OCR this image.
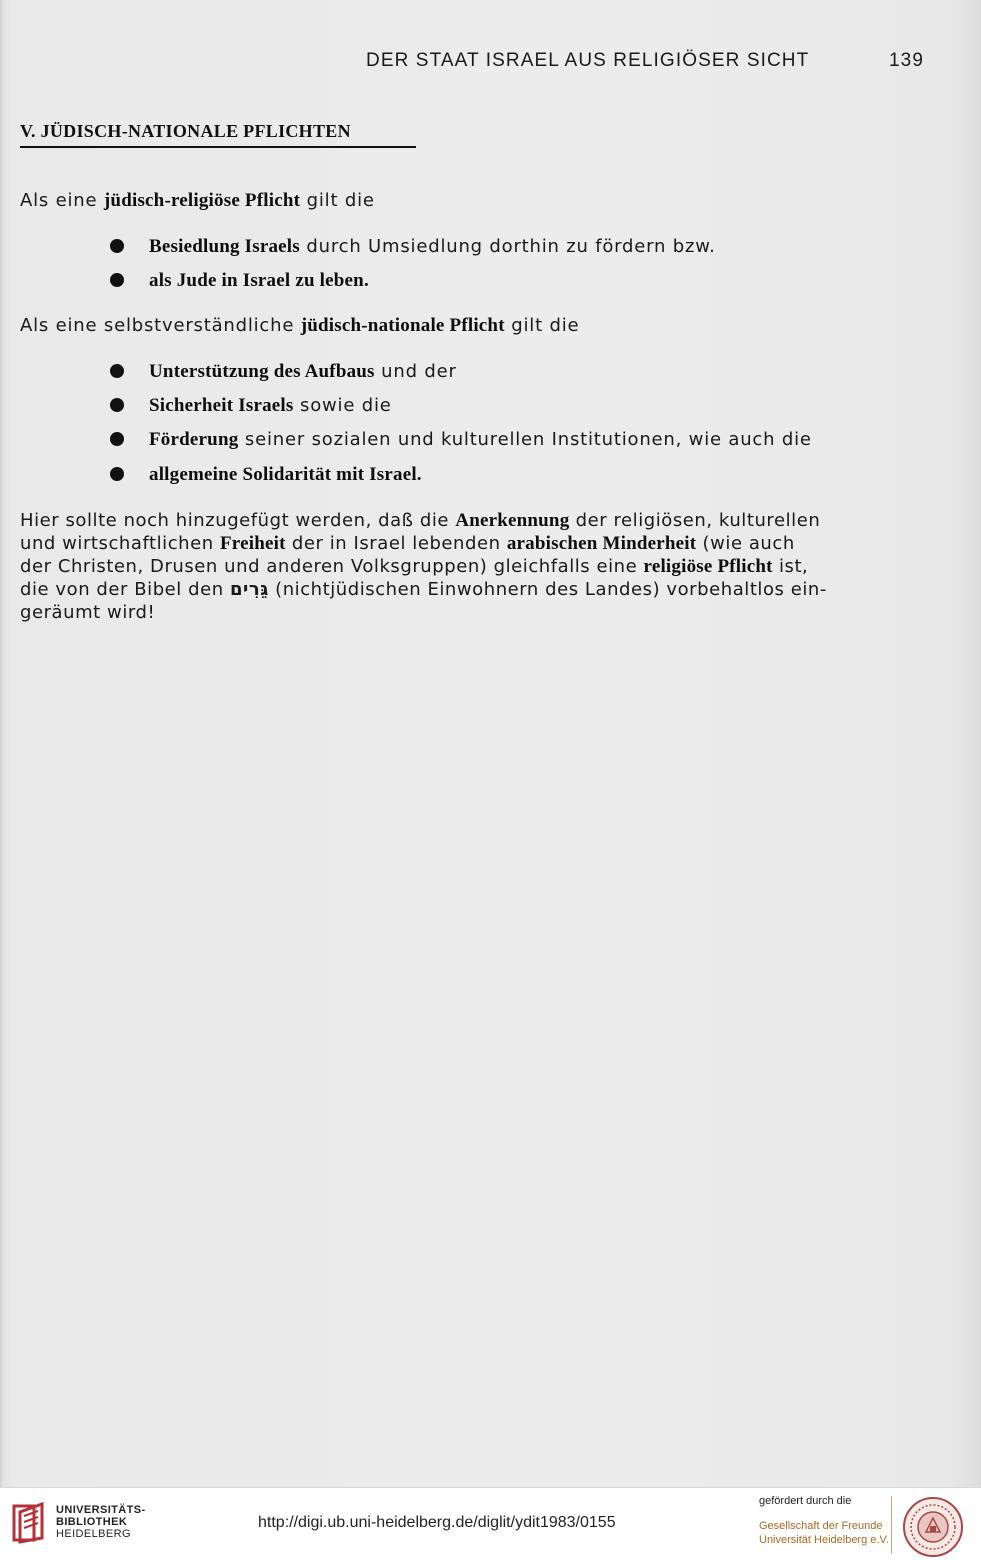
DER STAAT ISRAEL AUS RELIGIÖSER SICHT	139
V. JÜDISCH-NATIONALE PFLICHTEN
Als eine jüdisch-religiöse Pflicht gilt die
Besiedlung Israels durch Umsiedlung dorthin zu fördern bzw.
als Jude in Israel zu leben.
Als eine selbstverständliche jüdisch-nationale Pflicht gilt die
Unterstützung des Aufbaus und der
Sicherheit Israels sowie die
Förderung seiner sozialen und kulturellen Institutionen, wie auch die
allgemeine Solidarität mit Israel.
Hier sollte noch hinzugefügt werden, daß die Anerkennung der religiösen, kulturellen
und wirtschaftlichen Freiheit der in Israel lebenden arabischen Minderheit (wie auch
der Christen, Drusen und anderen Volksgruppen) gleichfalls eine religiöse Pflicht ist,
die von der Bibel den גֵּרִים (nichtjüdischen Einwohnern des Landes) vorbehaltlos ein-
geräumt wird!
UNIVERSITÄTS-
BIBLIOTHEK
HEIDELBERG
http://digi.ub.uni-heidelberg.de/diglit/ydit1983/0155
gefördert durch die
Gesellschaft der Freunde
Universität Heidelberg e.V.
